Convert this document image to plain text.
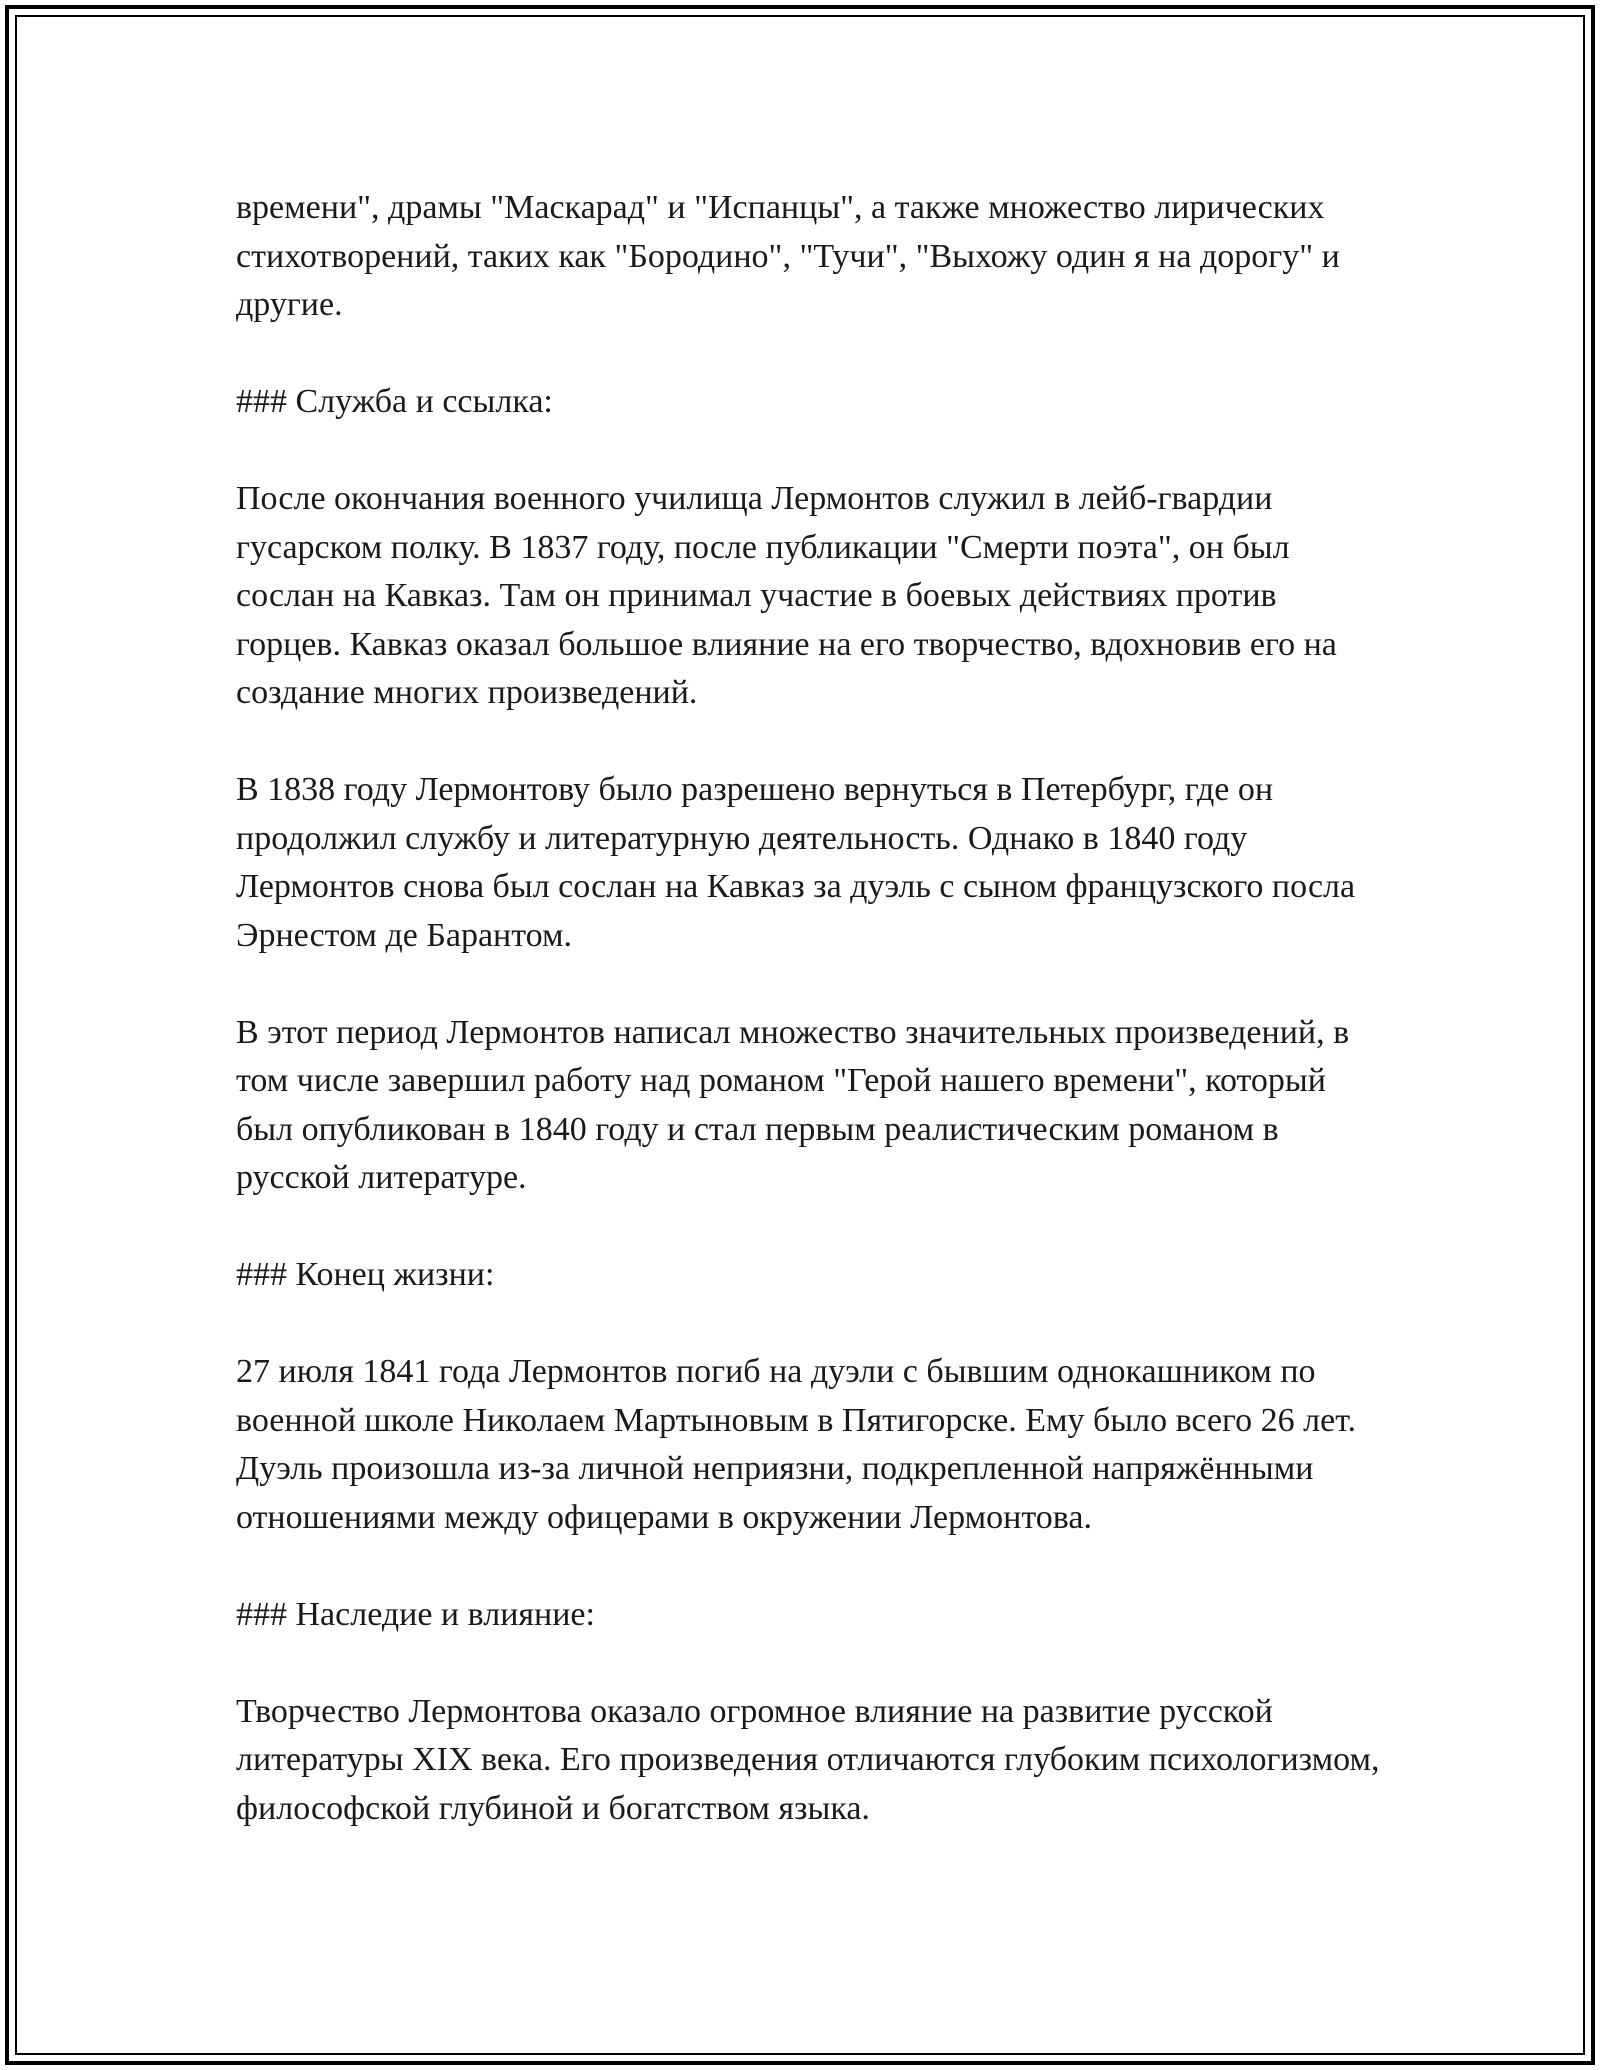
времени", драмы "Маскарад" и "Испанцы", а также множество лирических стихотворений, таких как "Бородино", "Тучи", "Выхожу один я на дорогу" и другие.

### Служба и ссылка:

После окончания военного училища Лермонтов служил в лейб-гвардии гусарском полку. В 1837 году, после публикации "Смерти поэта", он был сослан на Кавказ. Там он принимал участие в боевых действиях против горцев. Кавказ оказал большое влияние на его творчество, вдохновив его на создание многих произведений.

В 1838 году Лермонтову было разрешено вернуться в Петербург, где он продолжил службу и литературную деятельность. Однако в 1840 году Лермонтов снова был сослан на Кавказ за дуэль с сыном французского посла Эрнестом де Барантом.

В этот период Лермонтов написал множество значительных произведений, в том числе завершил работу над романом "Герой нашего времени", который был опубликован в 1840 году и стал первым реалистическим романом в русской литературе.

### Конец жизни:

27 июля 1841 года Лермонтов погиб на дуэли с бывшим однокашником по военной школе Николаем Мартыновым в Пятигорске. Ему было всего 26 лет. Дуэль произошла из-за личной неприязни, подкрепленной напряжёнными отношениями между офицерами в окружении Лермонтова.

### Наследие и влияние:

Творчество Лермонтова оказало огромное влияние на развитие русской литературы XIX века. Его произведения отличаются глубоким психологизмом, философской глубиной и богатством языка.
